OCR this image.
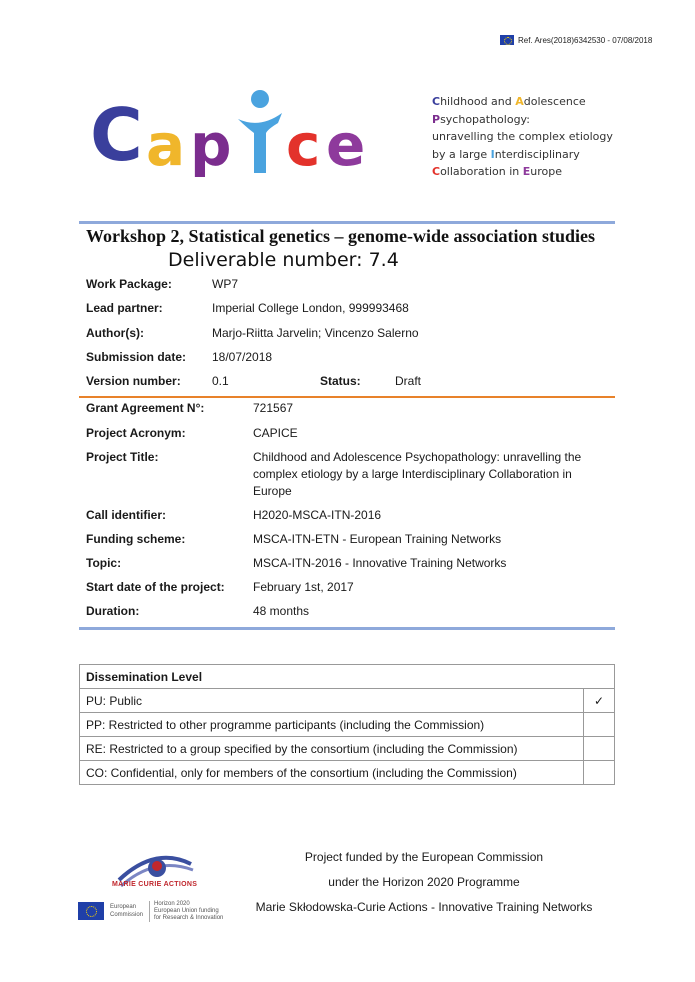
Ref. Ares(2018)6342530 - 07/08/2018
C a p c e
Childhood and Adolescence
Psychopathology:
unravelling the complex etiology
by a large Interdisciplinary
Collaboration in Europe
Workshop 2, Statistical genetics – genome-wide association studies
Deliverable number: 7.4
Work Package:	WP7
Lead partner:	Imperial College London, 999993468
Author(s):	Marjo-Riitta Jarvelin; Vincenzo Salerno
Submission date: 18/07/2018
Version number:	0.1	Status:	Draft
Grant Agreement N°:	721567
Project Acronym:	CAPICE
Project Title:	Childhood and Adolescence Psychopathology: unravelling the
complex etiology by a large Interdisciplinary Collaboration in
Europe
Call identifier:	H2020-MSCA-ITN-2016
Funding scheme:	MSCA-ITN-ETN - European Training Networks
Topic:	MSCA-ITN-2016 - Innovative Training Networks
Start date of the project: February 1st, 2017
Duration:	48 months
Dissemination Level	
PU: Public	✓
PP: Restricted to other programme participants (including the Commission)	
RE: Restricted to a group specified by the consortium (including the Commission)	
CO: Confidential, only for members of the consortium (including the Commission)	
MARIE CURIE ACTIONS
European
Commission
Horizon 2020
European Union funding
for Research & Innovation
Project funded by the European Commission
under the Horizon 2020 Programme
Marie Skłodowska-Curie Actions - Innovative Training Networks
